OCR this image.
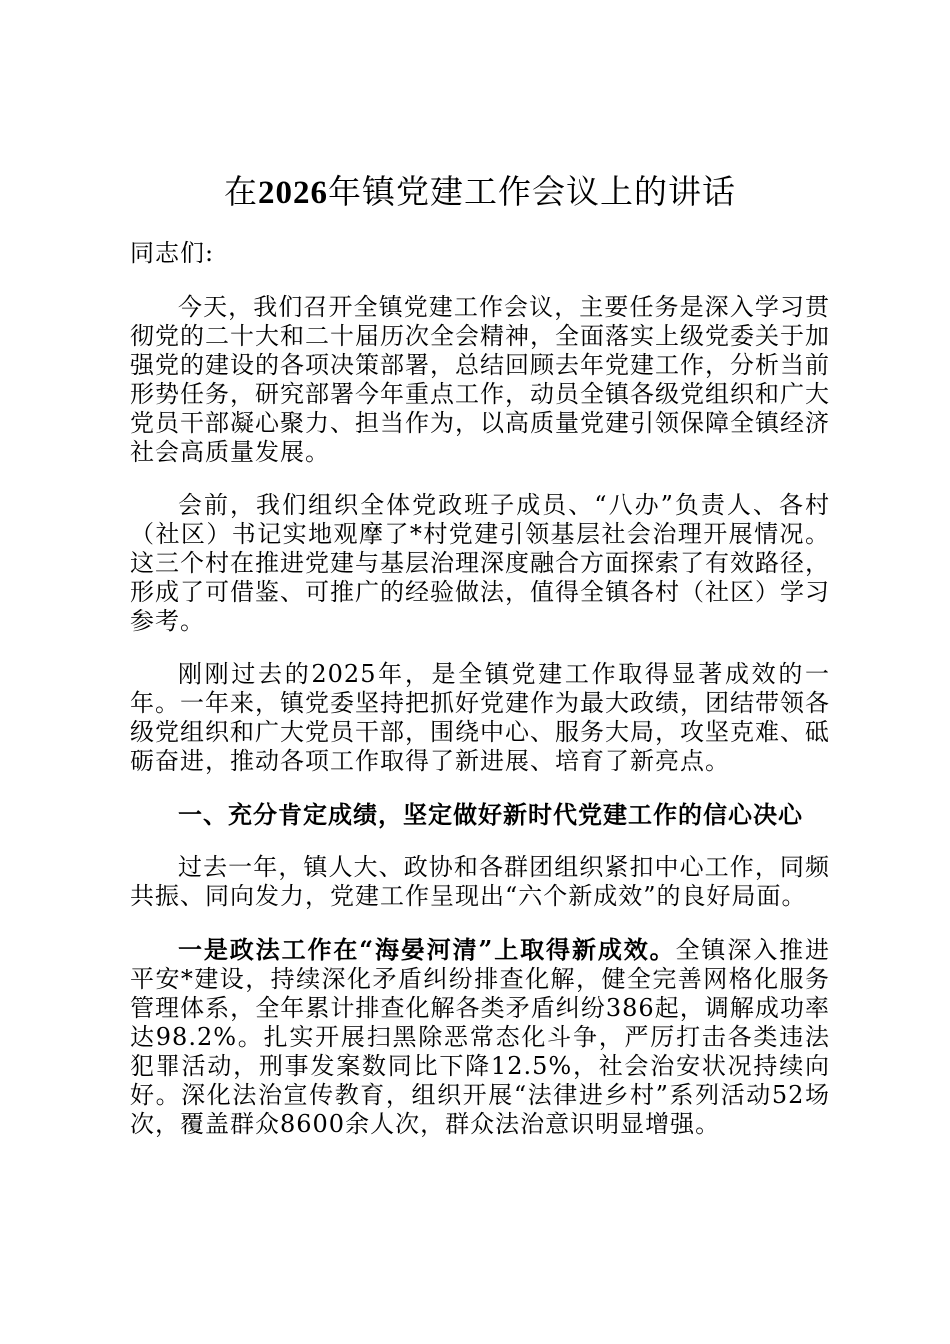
在2026年镇党建工作会议上的讲话
同志们:

今天，我们召开全镇党建工作会议，主要任务是深入学习贯彻党的二十大和二十届历次全会精神，全面落实上级党委关于加强党的建设的各项决策部署，总结回顾去年党建工作，分析当前形势任务，研究部署今年重点工作，动员全镇各级党组织和广大党员干部凝心聚力、担当作为，以高质量党建引领保障全镇经济社会高质量发展。

会前，我们组织全体党政班子成员、“八办”负责人、各村（社区）书记实地观摩了*村党建引领基层社会治理开展情况。这三个村在推进党建与基层治理深度融合方面探索了有效路径，形成了可借鉴、可推广的经验做法，值得全镇各村（社区）学习参考。

刚刚过去的2025年，是全镇党建工作取得显著成效的一年。一年来，镇党委坚持把抓好党建作为最大政绩，团结带领各级党组织和广大党员干部，围绕中心、服务大局，攻坚克难、砥砺奋进，推动各项工作取得了新进展、培育了新亮点。

一、充分肯定成绩，坚定做好新时代党建工作的信心决心

过去一年，镇人大、政协和各群团组织紧扣中心工作，同频共振、同向发力，党建工作呈现出“六个新成效”的良好局面。

一是政法工作在“海晏河清”上取得新成效。全镇深入推进平安*建设，持续深化矛盾纠纷排查化解，健全完善网格化服务管理体系，全年累计排查化解各类矛盾纠纷386起，调解成功率达98.2%。扎实开展扫黑除恶常态化斗争，严厉打击各类违法犯罪活动，刑事发案数同比下降12.5%，社会治安状况持续向好。深化法治宣传教育，组织开展“法律进乡村”系列活动52场次，覆盖群众8600余人次，群众法治意识明显增强。
